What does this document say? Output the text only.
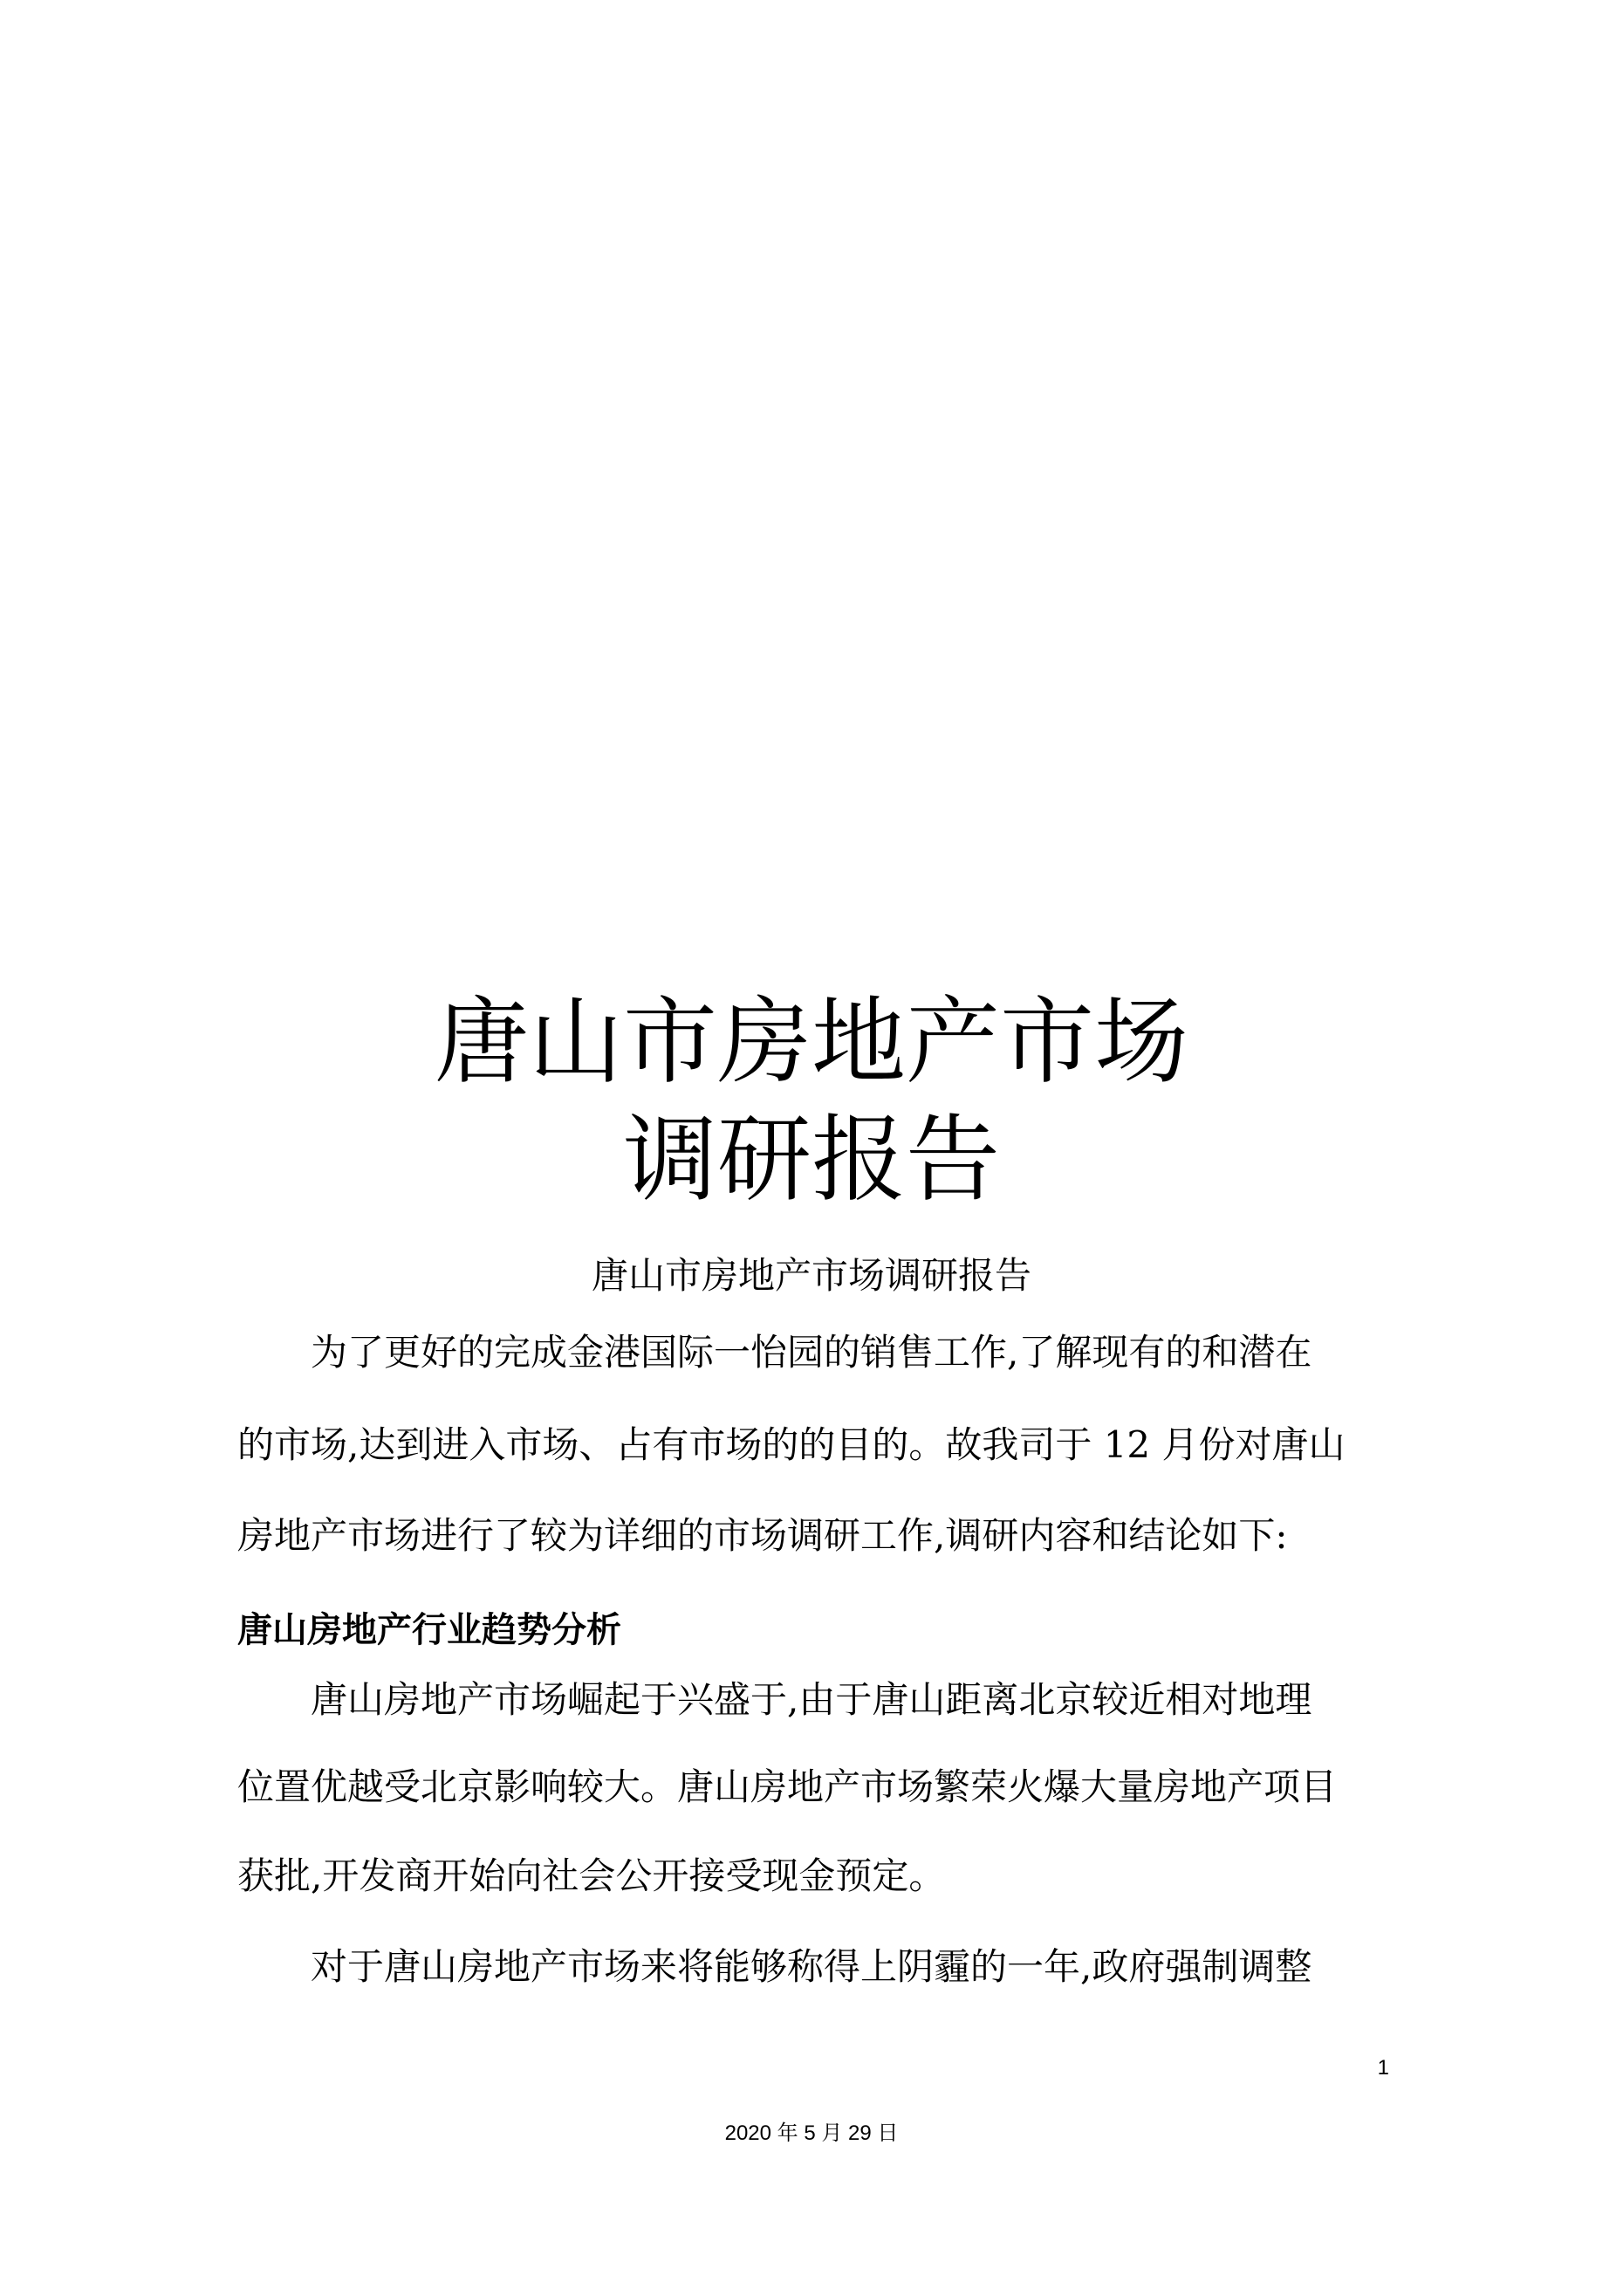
唐山市房地产市场
调研报告
唐山市房地产市场调研报告
为了更好的完成金港国际一怡园的销售工作,了解现有的和潜在
的市场,达到进入市场、占有市场的的目的。故我司于 12 月份对唐山
房地产市场进行了较为详细的市场调研工作,调研内容和结论如下:
唐山房地产行业趋势分析
唐山房地产市场崛起于兴盛于,由于唐山距离北京较近相对地理
位置优越受北京影响较大。唐山房地产市场繁荣火爆大量房地产项目
获批,开发商开始向社会公开接受现金预定。
对于唐山房地产市场来将能够称得上阴霾的一年,政府强制调整
1
2020 年 5 月 29 日
